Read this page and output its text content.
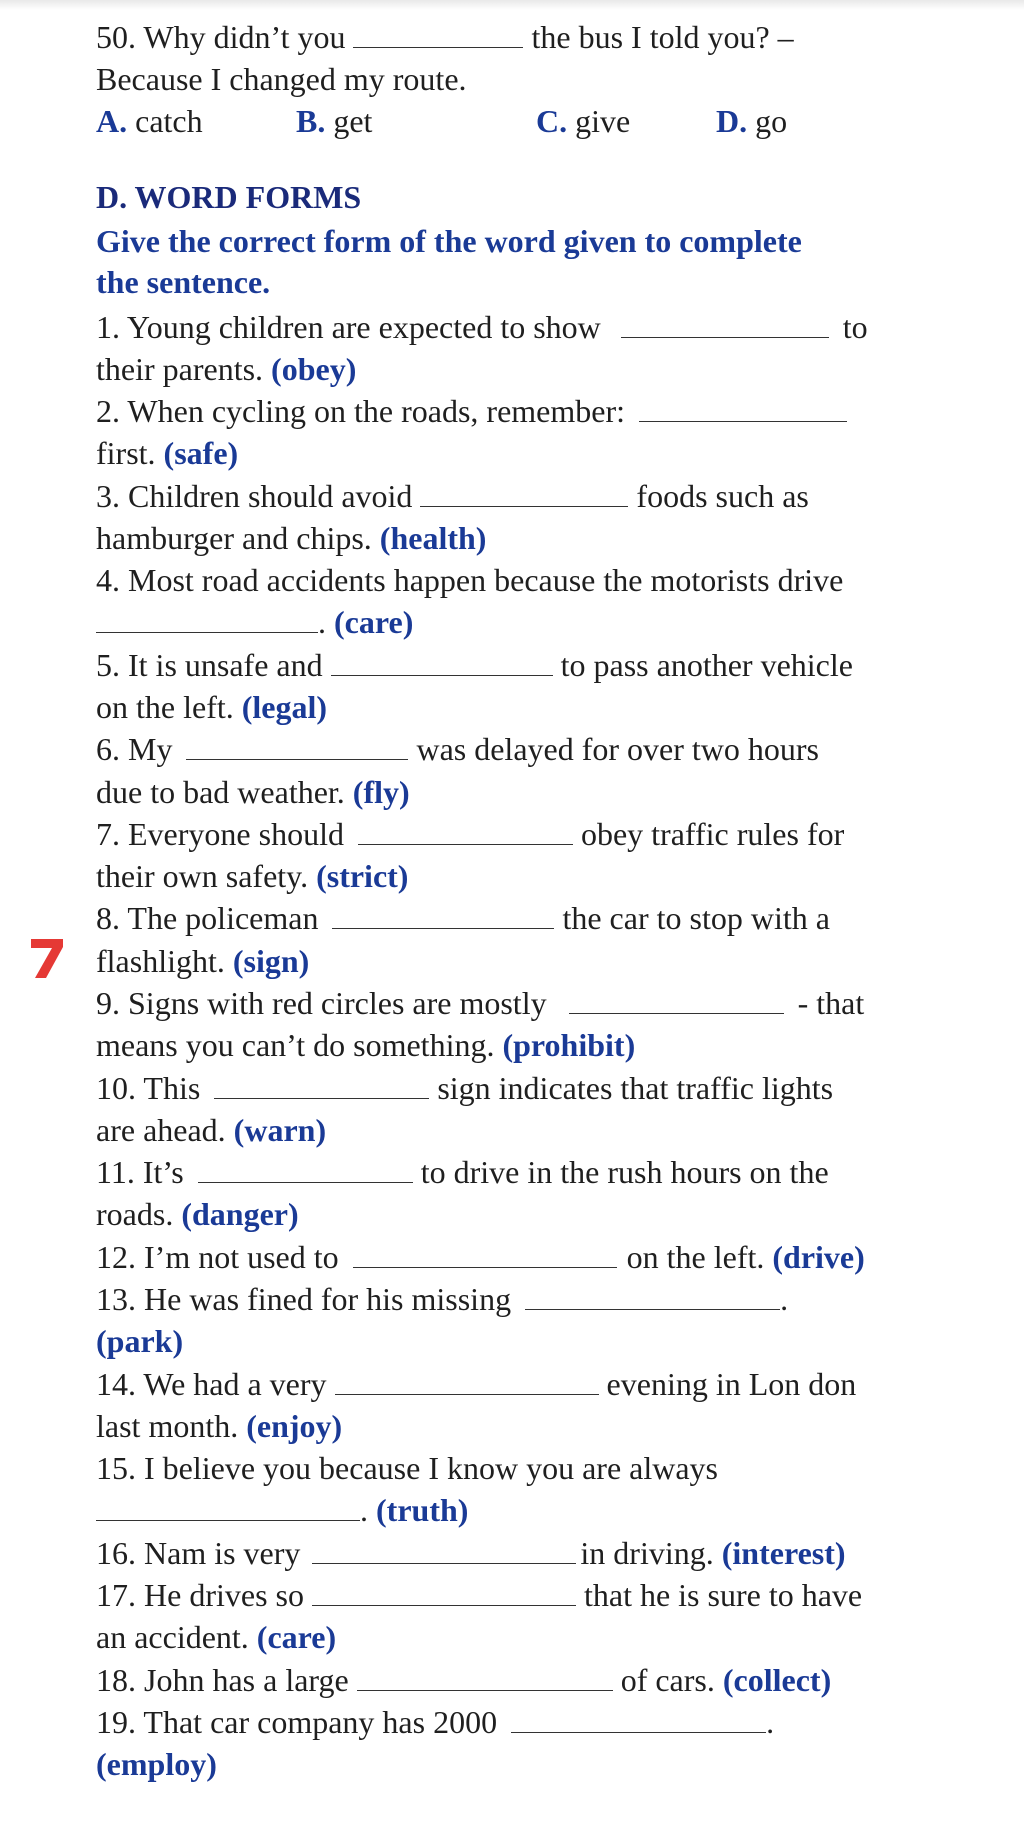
50. Why didn’t you	the bus I told you? –
Because I changed my route.
A. catch	B. get	C. give	D. go
D. WORD FORMS
Give the correct form of the word given to complete
the sentence.
1. Young children are expected to show	to
their parents. (obey)
2. When cycling on the roads, remember:
first. (safe)
3. Children should avoid	foods such as
hamburger and chips. (health)
4. Most road accidents happen because the motorists drive
. (care)
5. It is unsafe and	to pass another vehicle
on the left. (legal)
6. My	was delayed for over two hours
due to bad weather. (fly)
7. Everyone should	obey traffic rules for
their own safety. (strict)
8. The policeman	the car to stop with a
flashlight. (sign)
9. Signs with red circles are mostly	- that
means you can’t do something. (prohibit)
10. This	sign indicates that traffic lights
are ahead. (warn)
11. It’s	to drive in the rush hours on the
roads. (danger)
12. I’m not used to	on the left. (drive)
13. He was fined for his missing	.
(park)
14. We had a very	evening in Lon don
last month. (enjoy)
15. I believe you because I know you are always
. (truth)
16. Nam is very	in driving. (interest)
17. He drives so	that he is sure to have
an accident. (care)
18. John has a large	of cars. (collect)
19. That car company has 2000	.
(employ)
